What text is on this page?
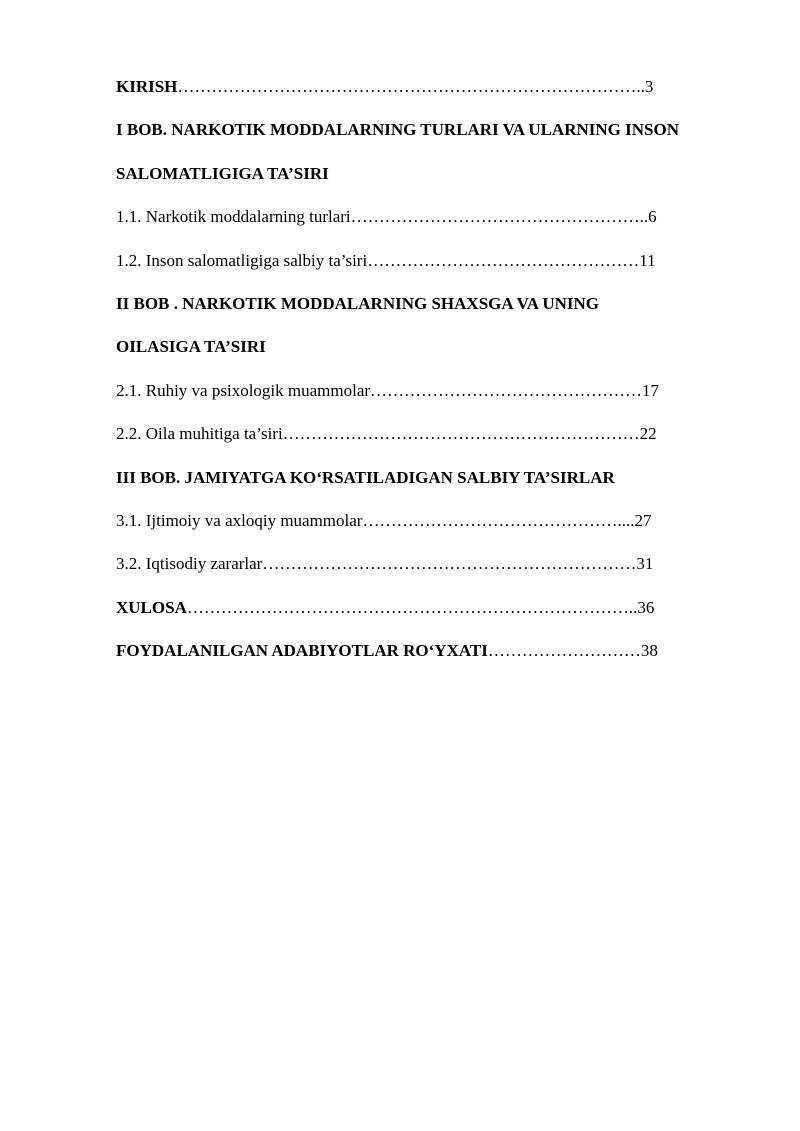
KIRISH………………………………………………………………………..3
I BOB. NARKOTIK MODDALARNING TURLARI VA ULARNING INSON
SALOMATLIGIGA TA’SIRI
1.1. Narkotik moddalarning turlari……………………………………………..6
1.2. Inson salomatligiga salbiy ta’siri…………………………………………11
II BOB . NARKOTIK MODDALARNING SHAXSGA VA UNING
OILASIGA TA’SIRI
2.1. Ruhiy va psixologik muammolar…………………………………………17
2.2. Oila muhitiga ta’siri………………………………………………………22
III BOB. JAMIYATGA KO‘RSATILADIGAN SALBIY TA’SIRLAR
3.1. Ijtimoiy va axloqiy muammolar………………………………………....27
3.2. Iqtisodiy zararlar…………………………………………………………31
XULOSA……………………………………………………………………..36
FOYDALANILGAN ADABIYOTLAR RO‘YXATI………………………38
